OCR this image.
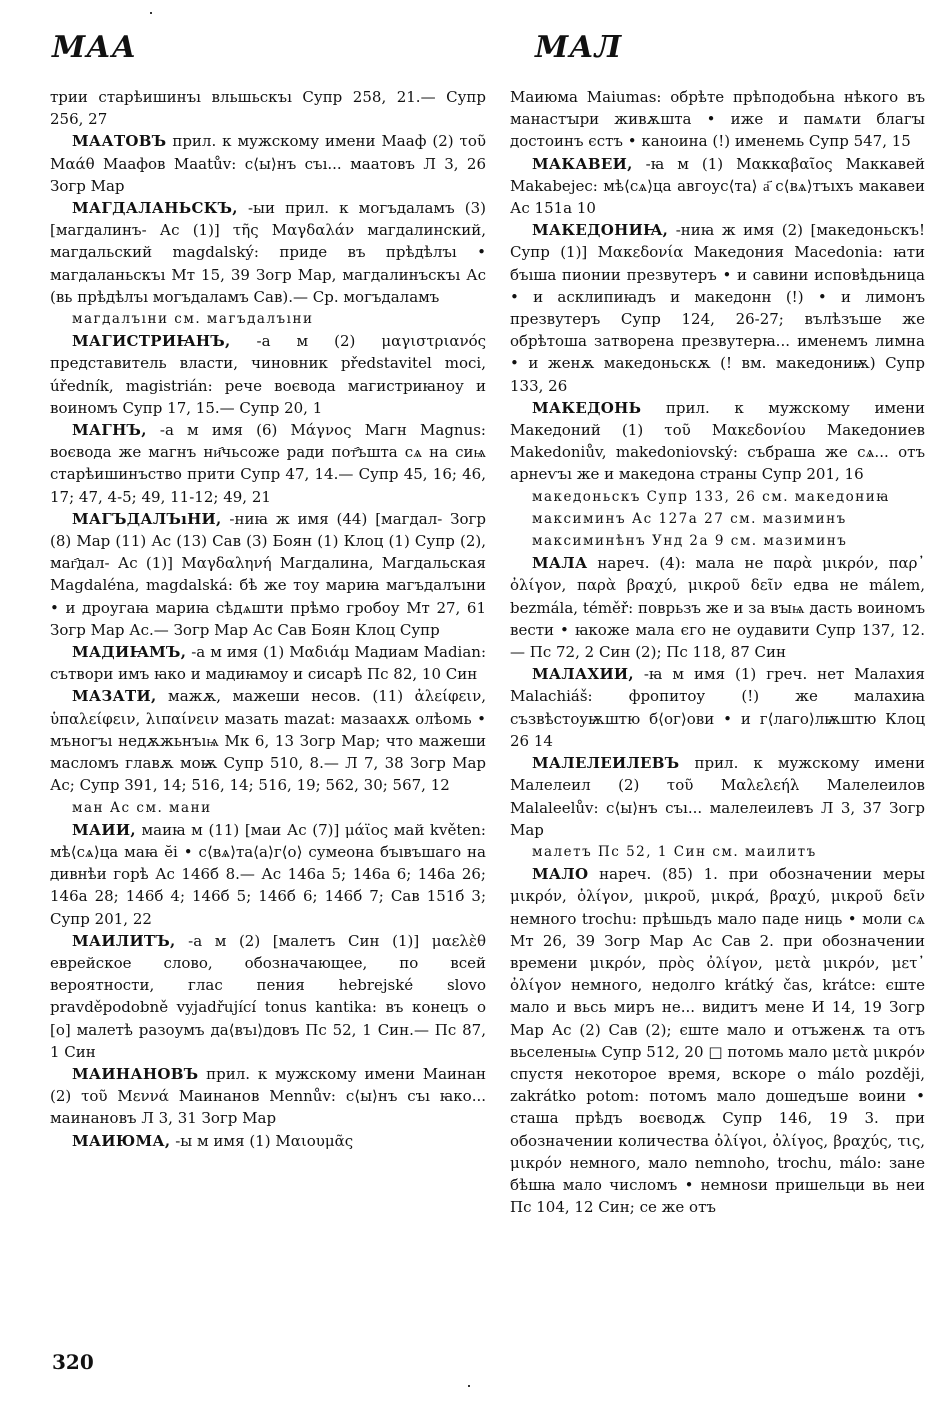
МАА	МАЛ

трии старѣишинъı вльшьскъı Супр 258, 21.— Супр 256, 27

МААТОВЪ прил. к мужскому имени Мааф (2) τοῦ Μαάθ Маафов Maatův: с⟨ы⟩нъ съı... маатовъ Л 3, 26 Зогр Мар

МАГДАЛАНЬСКЪ, -ыи прил. к могъдаламъ (3) [магдалинъ- Ас (1)] τῆς Μαγδαλάν магдалинский, магдальский magdalský: приде въ прѣдѣлъı • магдаланьскъı Мт 15, 39 Зогр Мар, магдалинъскъı Ас (вь прѣдѣлъı могъдаламъ Сав).— Ср. могъдаламъ

магдалъıни см. магъдалъıни

МАГИСТРИꙖНЪ, -а м (2) μαγιστριανός представитель власти, чиновник představitel moci, úředník, magistrián: рече воєвода магистриꙗноу и воиномъ Супр 17, 15.— Супр 20, 1

МАГНЪ, -а м имя (6) Μάγνος Магн Magnus: воєвода же магнъ ни҄чьсоже ради пот҄ъшта сѧ на сиѩ старѣишинъство прити Супр 47, 14.— Супр 45, 16; 46, 17; 47, 4-5; 49, 11-12; 49, 21

МАГЪДАЛЪıНИ, -ниꙗ ж имя (44) [магдал- Зогр (8) Мар (11) Ас (13) Сав (3) Боян (1) Клоц (1) Супр (2), маг҄дал- Ас (1)] Μαγδαληνή Магдалина, Магдальская Magdaléna, magdalská: бѣ же тоу мариꙗ магъдалъıни • и дроугаꙗ мариꙗ сѣдѧшти прѣмо гробоу Мт 27, 61 Зогр Мар Ас.— Зогр Мар Ас Сав Боян Клоц Супр

МАДИꙖМЪ, -а м имя (1) Μαδιάμ Мадиам Madian: сътвори имъ ꙗко и мадиꙗмоу и сисарѣ Пс 82, 10 Син

МАЗАТИ, мажѫ, мажеши несов. (11) ἀλείφειν, ὑπαλείφειν, λιπαίνειν мазать mazat: мазаахѫ олѣомь • мъногъı недѫжьнъıѩ Мк 6, 13 Зогр Мар; что мажеши масломъ главѫ моѭ Супр 510, 8.— Л 7, 38 Зогр Мар Ас; Супр 391, 14; 516, 14; 516, 19; 562, 30; 567, 12

ман Ас см. мани

МАИИ, маиꙗ м (11) [маи Ас (7)] μάϊος май květen: мѣ⟨сѧ⟩ца маꙗ ӗі • с⟨вѧ⟩та⟨а⟩г⟨о⟩ сумеона бъıвъшаго на дивнѣи горѣ Ас 146б 8.— Ас 146а 5; 146а 6; 146а 26; 146а 28; 146б 4; 146б 5; 146б 6; 146б 7; Сав 151б 3; Супр 201, 22

МАИЛИТЪ, -а м (2) [малетъ Син (1)] μαελὲθ еврейское слово, обозначающее, по всей вероятности, глас пения hebrejské slovo pravděpodobně vyjadřující tonus kantika: въ конецъ о [о] малетѣ разоумъ да⟨въı⟩довъ Пс 52, 1 Син.— Пс 87, 1 Син

МАИНАНОВЪ прил. к мужскому имени Маинан (2) τοῦ Μεννά Маинанов Mennův: с⟨ы⟩нъ съı ꙗко... маинановъ Л 3, 31 Зогр Мар

МАИЮМА, -ы м имя (1) Μαιουμᾶς

Маиюма Maiumas: обрѣте прѣподобьна нѣкого въ манастꙑри живѫшта • иже и памѧти благꙑ достоинъ єстъ • каноина (!) именемь Супр 547, 15

МАКАВЕИ, -ꙗ м (1) Μακκαβαῖος Маккавей Makabejec: мѣ⟨сѧ⟩ца авгоус⟨та⟩ а҃ с⟨вѧ⟩тъıхъ макавеи Ас 151а 10

МАКЕДОНИꙖ, -ниꙗ ж имя (2) [македоньскъ! Супр (1)] Μακεδονία Македония Macedonia: ꙗти бъıша пионии презвутеръ • и савини исповѣдьница • и асклипиꙗдъ и македонн (!) • и лимонъ презвутеръ Супр 124, 26-27; вълѣзъше же обрѣтоша затворена презвутерꙗ... именемъ лимна • и женѫ македоньскѫ (! вм. македониѭ) Супр 133, 26

МАКЕДОНЬ прил. к мужскому имени Македоний (1) τοῦ Μακεδονίου Македониев Makedoniův, makedoniovský: събраша же сѧ... отъ арнеѵъı же и македона страны Супр 201, 16

македоньскъ Супр 133, 26 см. македониꙗ

максиминъ Ас 127а 27 см. мазиминъ

максиминѣнъ Унд 2а 9 см. мазиминъ

МАЛА нареч. (4): мала не παρὰ μικρόν, παρ᾽ ὀλίγον, παρὰ βραχύ, μικροῦ δεῖν едва не málem, bezmála, téměř: поврьзъ же и за вꙑѩ дасть воиномъ вести • ꙗкоже мала єго не оудавити Супр 137, 12.— Пс 72, 2 Син (2); Пс 118, 87 Син

МАЛАХИИ, -ꙗ м имя (1) греч. нет Малахия Malachiáš: фропитоу (!) же малахиꙗ съзвѣстоуѭштю б⟨ог⟩ови • и г⟨лаго⟩лѭштю Клоц 26 14

МАЛЕЛЕИЛЕВЪ прил. к мужскому имени Малелеил (2) τοῦ Μαλελεήλ Малелеилов Malaleelův: с⟨ы⟩нъ съı... малелеилевъ Л 3, 37 Зогр Мар

малетъ Пс 52, 1 Син см. маилитъ

МАЛО нареч. (85) 1. при обозначении меры μικρόν, ὀλίγον, μικροῦ, μικρά, βραχύ, μικροῦ δεῖν немного trochu: прѣшьдъ мало паде ниць • моли сѧ Мт 26, 39 Зогр Мар Ас Сав 2. при обозначении времени μικρόν, πρὸς ὀλίγον, μετὰ μικρόν, μετ᾽ ὀλίγον немного, недолго krátký čas, krátce: єште мало и вьсь миръ не... видитъ мене И 14, 19 Зогр Мар Ас (2) Сав (2); єште мало и отъженѫ та отъ вьселеныѩ Супр 512, 20 □ потомь мало μετὰ μικρόν спустя некоторое время, вскоре o málo později, zakrátko potom: потомъ мало дошедъше воини • сташа прѣдъ воєводѫ Супр 146, 19 3. при обозначении количества ὀλίγοι, ὀλίγος, βραχύς, τις, μικρόν немного, мало nemnoho, trochu, málo: зане бѣшꙗ мало числомъ • немноѕи пришельци вь неи Пс 104, 12 Син; се же отъ

320
